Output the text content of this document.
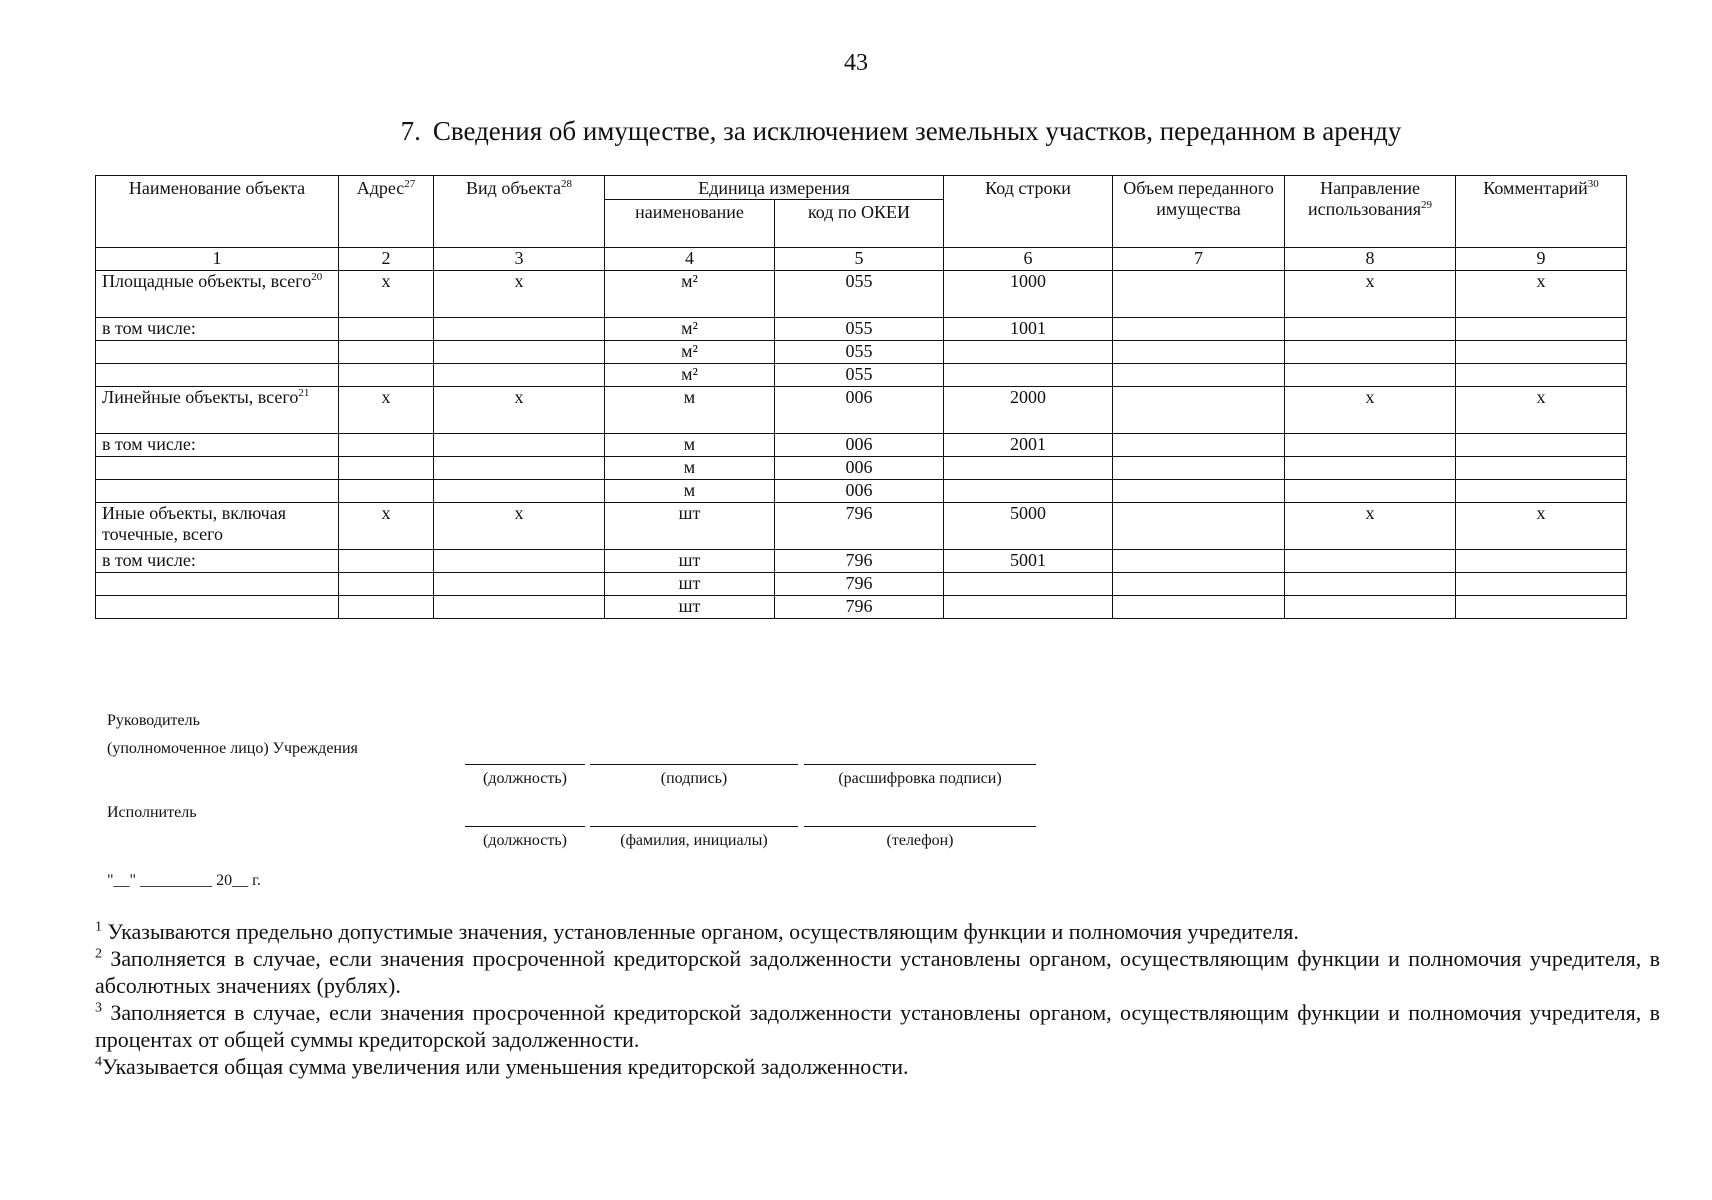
43
7. Сведения об имуществе, за исключением земельных участков, переданном в аренду
Наименование объекта	Адрес$^{27}$	Вид объекта$^{28}$	Единица измерения		Код строки	Объем переданного имущества	Направление использования$^{29}$	Комментарий$^{30}$
			наименование	код по ОКЕИ				
1	2	3	4	5	6	7	8	9
Площадные объекты, всего$^{20}$	x	x	м²	055	1000		x	x
в том числе:			м²	055	1001			
			м²	055				
			м²	055				
Линейные объекты, всего$^{21}$	x	x	м	006	2000		x	x
в том числе:			м	006	2001			
			м	006				
			м	006				
Иные объекты, включая точечные, всего	x	x	шт	796	5000		x	x
в том числе:			шт	796	5001			
			шт	796				
			шт	796				
Руководитель
(уполномоченное лицо) Учреждения
(должность)	(подпись)	(расшифровка подписи)
Исполнитель
(должность)	(фамилия, инициалы)	(телефон)
"__" _________ 20__ г.

$^1$ Указываются предельно допустимые значения, установленные органом, осуществляющим функции и полномочия учредителя.

$^2$ Заполняется в случае, если значения просроченной кредиторской задолженности установлены органом, осуществляющим функции и полномочия учредителя, в абсолютных значениях (рублях).

$^3$ Заполняется в случае, если значения просроченной кредиторской задолженности установлены органом, осуществляющим функции и полномочия учредителя, в процентах от общей суммы кредиторской задолженности.

$^4$Указывается общая сумма увеличения или уменьшения кредиторской задолженности.
